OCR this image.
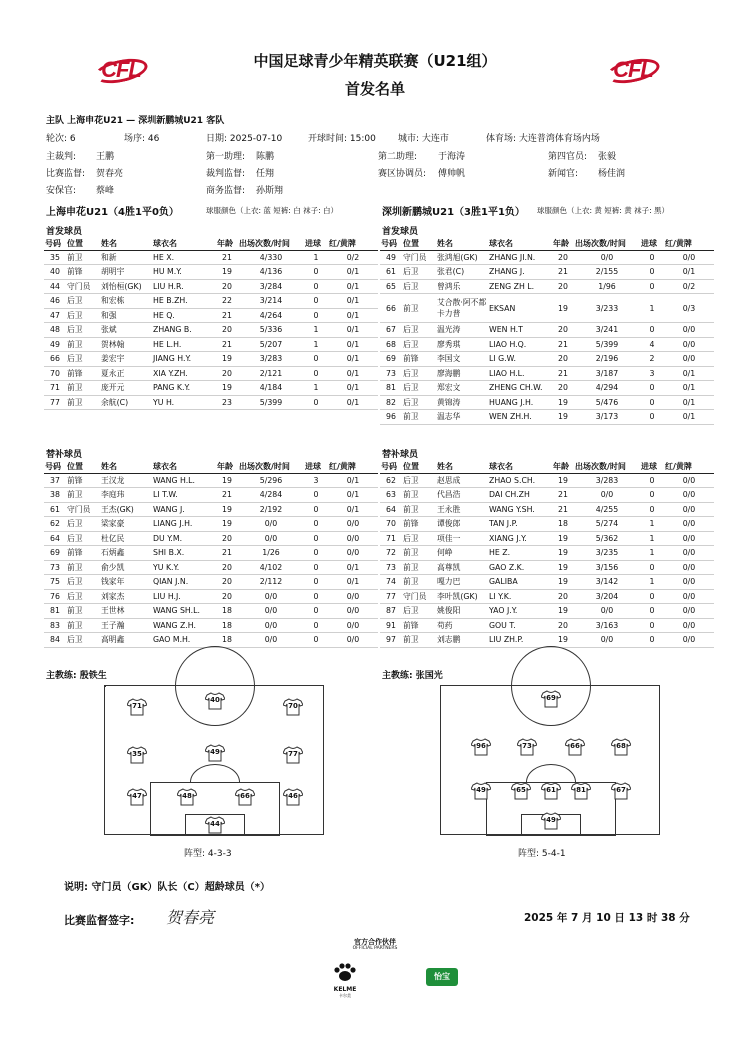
CFL	CFL
中国足球青少年精英联赛（U21组）
首发名单
主队 上海申花U21 — 深圳新鹏城U21 客队
轮次: 6	场序: 46	日期: 2025-07-10	开球时间: 15:00 城市: 大连市	体育场: 大连普湾体育场内场
主裁判: 王鹏	第一助理: 陈鹏	第二助理: 于海涛	第四官员: 张毅
比赛监督: 贺春亮	裁判监督: 任翔	赛区协调员: 傅帅帆	新闻官: 杨佳润
安保官: 蔡峰	商务监督: 孙斯翔
上海申花U21（4胜1平0负）	球服颜色（上衣: 蓝 短裤: 白 袜子: 白）
首发球员
深圳新鹏城U21（3胜1平1负） 球服颜色（上衣: 黄 短裤: 黄 袜子: 黑）
首发球员
号码	位置	姓名	球衣名	年龄	出场次数/时间	进球	红/黄牌
35	前卫	和新	HE X.	21	4/330	1	0/2
40	前锋	胡明宇	HU M.Y.	19	4/136	0	0/1
44	守门员	刘怡桓(GK)	LIU H.R.	20	3/284	0	0/1
46	后卫	和宏栋	HE B.ZH.	22	3/214	0	0/1
47	后卫	和强	HE Q.	21	4/264	0	0/1
48	后卫	张斌	ZHANG B.	20	5/336	1	0/1
49	前卫	贺林翰	HE L.H.	21	5/207	1	0/1
66	后卫	姜宏宇	JIANG H.Y.	19	3/283	0	0/1
70	前锋	夏永正	XIA Y.ZH.	20	2/121	0	0/1
71	前卫	庞开元	PANG K.Y.	19	4/184	1	0/1
77	前卫	余航(C)	YU H.	23	5/399	0	0/1
号码	位置	姓名	球衣名	年龄	出场次数/时间	进球	红/黄牌
49	守门员	张鸿旭(GK)	ZHANG JI.N.	20	0/0	0	0/0
61	后卫	张君(C)	ZHANG J.	21	2/155	0	0/1
65	后卫	曾鸿乐	ZENG ZH L.	20	1/96	0	0/2
66	前卫	艾合散·阿不都卡力普	EKSAN	19	3/233	1	0/3
67	后卫	温光涛	WEN H.T	20	3/241	0	0/0
68	后卫	廖秀琪	LIAO H.Q.	21	5/399	4	0/0
69	前锋	李国文	LI G.W.	20	2/196	2	0/0
73	后卫	廖海鹏	LIAO H.L.	21	3/187	3	0/1
81	后卫	郑宏文	ZHENG CH.W.	20	4/294	0	0/1
82	后卫	黄锦涛	HUANG J.H.	19	5/476	0	0/1
96	前卫	温志华	WEN ZH.H.	19	3/173	0	0/1
替补球员	替补球员
号码	位置	姓名	球衣名	年龄	出场次数/时间	进球	红/黄牌
37	前锋	王汉龙	WANG H.L.	19	5/296	3	0/1
38	前卫	李庭玮	LI T.W.	21	4/284	0	0/1
61	守门员	王杰(GK)	WANG J.	19	2/192	0	0/1
62	后卫	梁家豪	LIANG J.H.	19	0/0	0	0/0
64	后卫	杜亿民	DU Y.M.	20	0/0	0	0/0
69	前锋	石炳鑫	SHI B.X.	21	1/26	0	0/0
73	前卫	俞少凯	YU K.Y.	20	4/102	0	0/1
75	后卫	钱家年	QIAN J.N.	20	2/112	0	0/1
76	后卫	刘家杰	LIU H.J.	20	0/0	0	0/0
81	前卫	王世林	WANG SH.L.	18	0/0	0	0/0
83	前卫	王子瀚	WANG Z.H.	18	0/0	0	0/0
84	后卫	高明鑫	GAO M.H.	18	0/0	0	0/0
号码	位置	姓名	球衣名	年龄	出场次数/时间	进球	红/黄牌
62	后卫	赵思成	ZHAO S.CH.	19	3/283	0	0/0
63	前卫	代昌浩	DAI CH.ZH	21	0/0	0	0/0
64	前卫	王永胜	WANG Y.SH.	21	4/255	0	0/0
70	前锋	谭俊郎	TAN J.P.	18	5/274	1	0/0
71	后卫	项佳一	XIANG J.Y.	19	5/362	1	0/0
72	前卫	何峥	HE Z.	19	3/235	1	0/0
73	前卫	高尊凯	GAO Z.K.	19	3/156	0	0/0
74	前卫	嘎力巴	GALIBA	19	3/142	1	0/0
77	守门员	李叶凯(GK)	LI Y.K.	20	3/204	0	0/0
87	后卫	姚俊阳	YAO J.Y.	19	0/0	0	0/0
91	前锋	苟药	GOU T.	20	3/163	0	0/0
97	前卫	刘志鹏	LIU ZH.P.	19	0/0	0	0/0
主教练: 殷铁生	主教练: 张国光
71
40
70
35	49	77
47	48	66	46
44
69
96	73	66	68
49	65	61	81	67
49
阵型: 4-3-3	阵型: 5-4-1
说明: 守门员（GK）队长（C）超龄球员（*）
比赛监督签字: 贺春亮	2025 年 7 月 10 日 13 时 38 分
官方合作伙伴
OFFICIAL PARTNERS
KELME
卡尔美
怡宝
